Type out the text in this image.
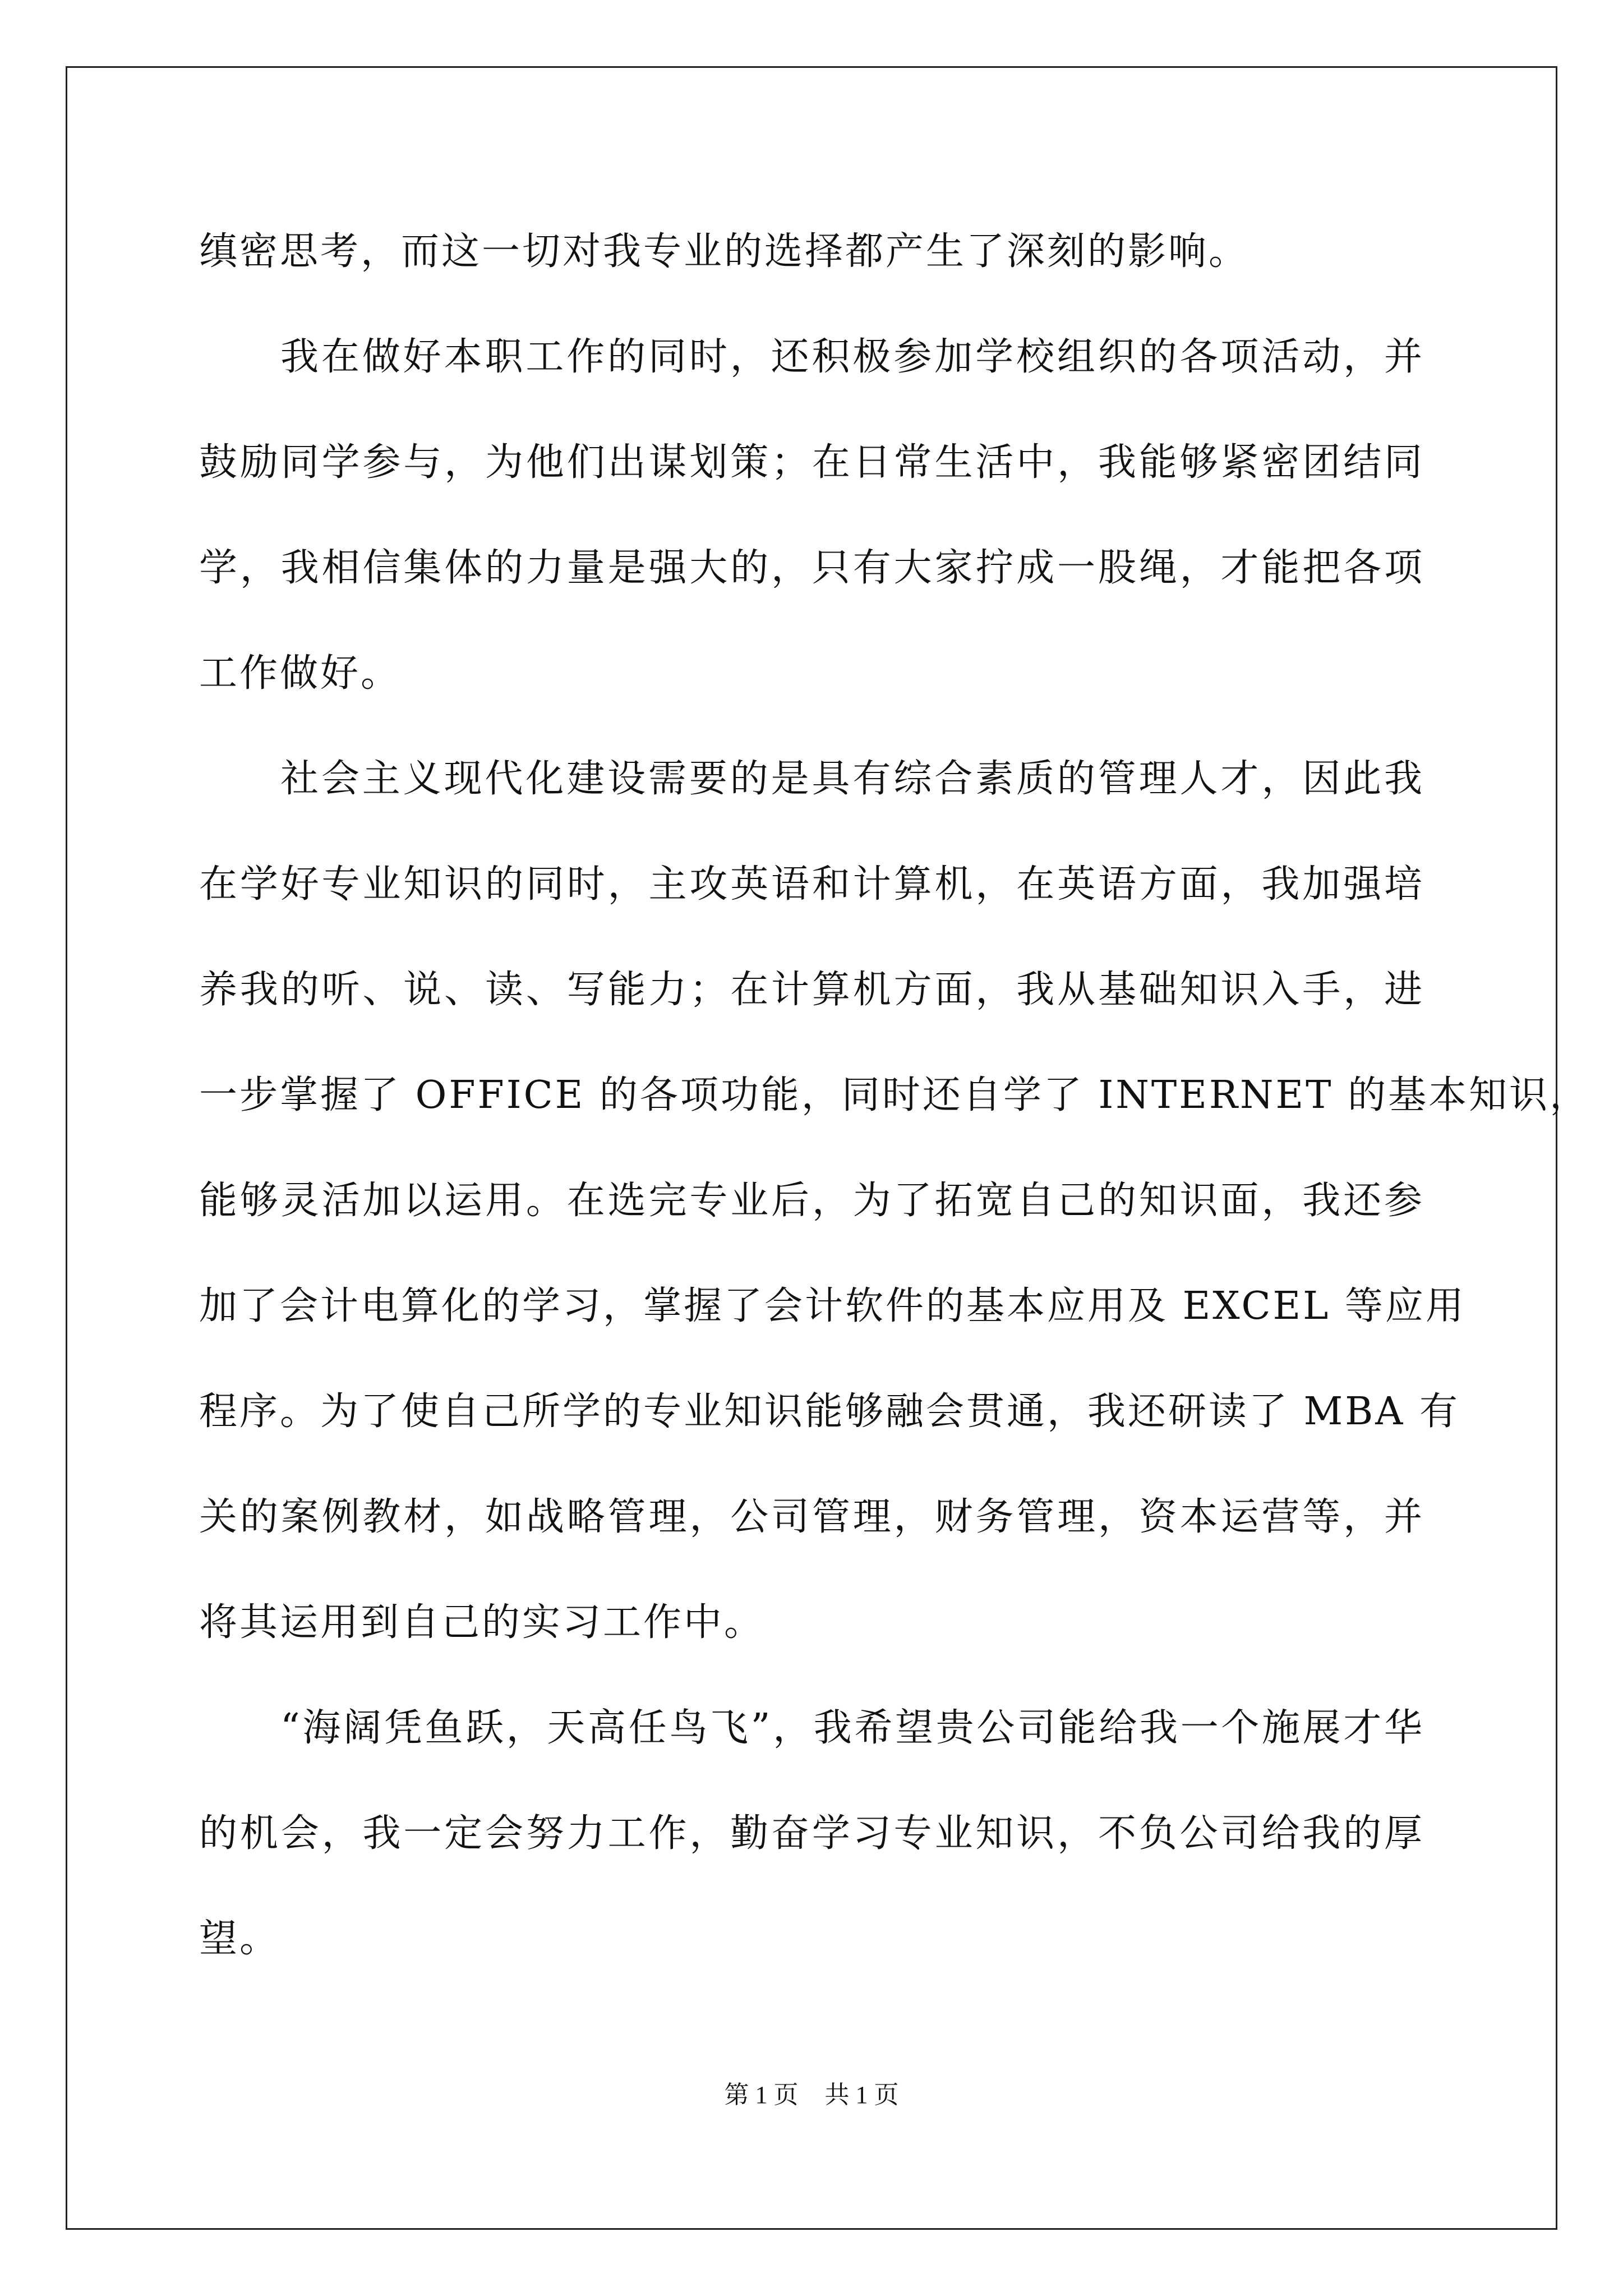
缜密思考，而这一切对我专业的选择都产生了深刻的影响。

我在做好本职工作的同时，还积极参加学校组织的各项活动，并

鼓励同学参与，为他们出谋划策；在日常生活中，我能够紧密团结同

学，我相信集体的力量是强大的，只有大家拧成一股绳，才能把各项

工作做好。

社会主义现代化建设需要的是具有综合素质的管理人才，因此我

在学好专业知识的同时，主攻英语和计算机，在英语方面，我加强培

养我的听、说、读、写能力；在计算机方面，我从基础知识入手，进

一步掌握了 OFFICE 的各项功能，同时还自学了 INTERNET 的基本知识，

能够灵活加以运用。在选完专业后，为了拓宽自己的知识面，我还参

加了会计电算化的学习，掌握了会计软件的基本应用及 EXCEL 等应用

程序。为了使自己所学的专业知识能够融会贯通，我还研读了 MBA 有

关的案例教材，如战略管理，公司管理，财务管理，资本运营等，并

将其运用到自己的实习工作中。

“海阔凭鱼跃，天高任鸟飞”，我希望贵公司能给我一个施展才华

的机会，我一定会努力工作，勤奋学习专业知识，不负公司给我的厚

望。

第 1 页 共 1 页
